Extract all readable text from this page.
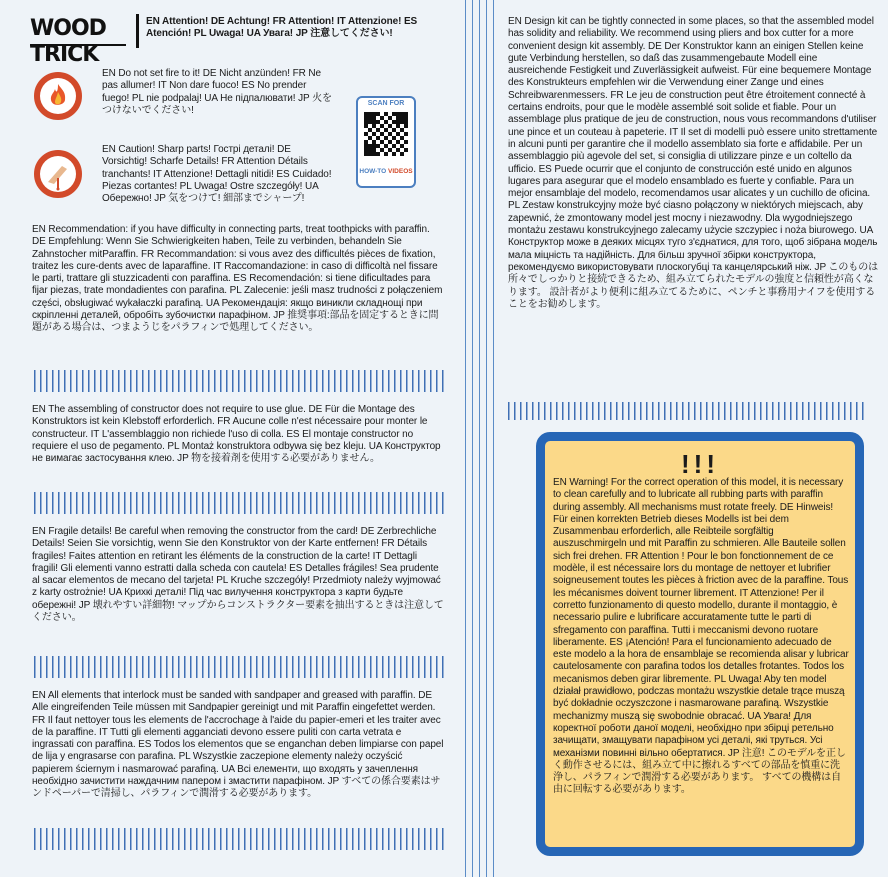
WOOD TRICK
EN Attention! DE Achtung! FR Attention! IT Attenzione! ES Atención! PL Uwaga! UA Увага! JP 注意してください!
EN Do not set fire to it! DE Nicht anzünden! FR Ne pas allumer! IT Non dare fuoco! ES No prender fuego! PL nie podpalaj! UA Не підпалювати! JP 火をつけないでください!
EN Caution! Sharp parts! Гострі деталі! DE Vorsichtig! Scharfe Details! FR Attention Détails tranchants! IT Attenzione! Dettagli nitidi! ES Cuidado! Piezas cortantes! PL Uwaga! Ostre szczegóły! UA Обережно! JP 気をつけて! 細部までシャープ!
SCAN FOR
HOW-TO VIDEOS
EN Recommendation: if you have difficulty in connecting parts, treat toothpicks with paraffin. DE Empfehlung: Wenn Sie Schwierigkeiten haben, Teile zu verbinden, behandeln Sie Zahnstocher mitParaffin. FR Recommandation: si vous avez des difficultés pièces de fixation, traitez les cure-dents avec de laparaffine. IT Raccomandazione: in caso di difficoltà nel fissare le parti, trattare gli stuzzicadenti con paraffina. ES Recomendación: si tiene dificultades para fijar piezas, trate mondadientes con parafina. PL Zalecenie: jeśli masz trudności z połączeniem części, obsługiwać wykałaczki parafiną. UA Рекомендація: якщо виникли складнощі при скріпленні деталей, обробіть зубочистки парафіном. JP 推奨事項:部品を固定するときに問題がある場合は、つまようじをパラフィンで処理してください。
EN The assembling of constructor does not require to use glue. DE Für die Montage des Konstruktors ist kein Klebstoff erforderlich. FR Aucune colle n'est nécessaire pour monter le constructeur. IT L'assemblaggio non richiede l'uso di colla. ES El montaje constructor no requiere el uso de pegamento. PL Montaż konstruktora odbywa się bez kleju. UA Конструктор не вимагає застосування клею. JP 物を接着剤を使用する必要がありません。
EN Fragile details! Be careful when removing the constructor from the card! DE Zerbrechliche Details! Seien Sie vorsichtig, wenn Sie den Konstruktor von der Karte entfernen! FR Détails fragiles! Faites attention en retirant les éléments de la construction de la carte! IT Dettagli fragili! Gli elementi vanno estratti dalla scheda con cautela! ES Detalles frágiles! Sea prudente al sacar elementos de mecano del tarjeta! PL Kruche szczegóły! Przedmioty należy wyjmować z karty ostrożnie! UA Крихкі деталі! Під час вилучення конструктора з карти будьте обережні! JP 壊れやすい詳細物! マップからコンストラクター要素を抽出するときは注意してください。
EN All elements that interlock must be sanded with sandpaper and greased with paraffin. DE Alle eingreifenden Teile müssen mit Sandpapier gereinigt und mit Paraffin eingefettet werden. FR Il faut nettoyer tous les elements de l'accrochage à l'aide du papier-emeri et les traiter avec de la paraffine. IT Tutti gli elementi agganciati devono essere puliti con carta vetrata e ingrassati con paraffina. ES Todos los elementos que se enganchan deben limpiarse con papel de lija y engrasarse con parafina. PL Wszystkie zaczepione elementy należy oczyścić papierem ściernym i nasmarować parafiną. UA Всі елементи, що входять у зачеплення необхідно зачистити наждачним папером і змастити парафіном. JP すべての係合要素はサンドペーパーで清掃し、パラフィンで潤滑する必要があります。
EN Design kit can be tightly connected in some places, so that the assembled model has solidity and reliability. We recommend using pliers and box cutter for a more convenient design kit assembly. DE Der Konstruktor kann an einigen Stellen keine gute Verbindung herstellen, so daß das zusammengebaute Modell eine ausreichende Festigkeit und Zuverlässigkeit aufweist. Für eine bequemere Montage des Konstrukteurs empfehlen wir die Verwendung einer Zange und eines Schreibwarenmessers. FR Le jeu de construction peut être étroitement connecté à certains endroits, pour que le modèle assemblé soit solide et fiable. Pour un assemblage plus pratique de jeu de construction, nous vous recommandons d'utiliser une pince et un couteau à papeterie. IT Il set di modelli può essere unito strettamente in alcuni punti per garantire che il modello assemblato sia forte e affidabile. Per un assemblaggio più agevole del set, si consiglia di utilizzare pinze e un coltello da ufficio. ES Puede ocurrir que el conjunto de construcción esté unido en algunos lugares para asegurar que el modelo ensamblado es fuerte y confiable. Para un mejor ensamblaje del modelo, recomendamos usar alicates y un cuchillo de oficina. PL Zestaw konstrukcyjny może być ciasno połączony w niektórych miejscach, aby zapewnić, że zmontowany model jest mocny i niezawodny. Dla wygodniejszego montażu zestawu konstrukcyjnego zalecamy użycie szczypiec i noża biurowego. UA Конструктор може в деяких місцях туго з'єднатися, для того, щоб зібрана модель мала міцність та надійність. Для більш зручної збірки конструктора, рекомендуємо використовувати плоскогубці та канцелярський ніж. JP このものは所々でしっかりと接続できるため、組み立てられたモデルの強度と信頼性が高くなります。 設計者がより便利に組み立てるために、ペンチと事務用ナイフを使用することをお勧めします。
!!!
EN Warning! For the correct operation of this model, it is necessary to clean carefully and to lubricate all rubbing parts with paraffin during assembly. All mechanisms must rotate freely. DE Hinweis! Für einen korrekten Betrieb dieses Modells ist bei dem Zusammenbau erforderlich, alle Reibteile sorgfältig auszuschmirgeln und mit Paraffin zu schmieren. Alle Bauteile sollen sich frei drehen. FR Attention ! Pour le bon fonctionnement de ce modèle, il est nécessaire lors du montage de nettoyer et lubrifier soigneusement toutes les pièces à friction avec de la paraffine. Tous les mécanismes doivent tourner librement. IT Attenzione! Per il corretto funzionamento di questo modello, durante il montaggio, è necessario pulire e lubrificare accuratamente tutte le parti di sfregamento con paraffina. Tutti i meccanismi devono ruotare liberamente. ES ¡Atención! Para el funcionamiento adecuado de este modelo a la hora de ensamblaje se recomienda alisar y lubricar cautelosamente con parafina todos los detalles frotantes. Todos los mecanismos deben girar libremente. PL Uwaga! Aby ten model działał prawidłowo, podczas montażu wszystkie detale trące muszą być dokładnie oczyszczone i nasmarowane parafiną. Wszystkie mechanizmy muszą się swobodnie obracać. UA Увага! Для коректної роботи даної моделі, необхідно при збірці ретельно зачищати, змащувати парафіном усі деталі, які труться. Усі механізми повинні вільно обертатися. JP 注意! このモデルを正しく動作させるには、組み立て中に擦れるすべての部品を慎重に洗浄し、パラフィンで潤滑する必要があります。 すべての機構は自由に回転する必要があります。
